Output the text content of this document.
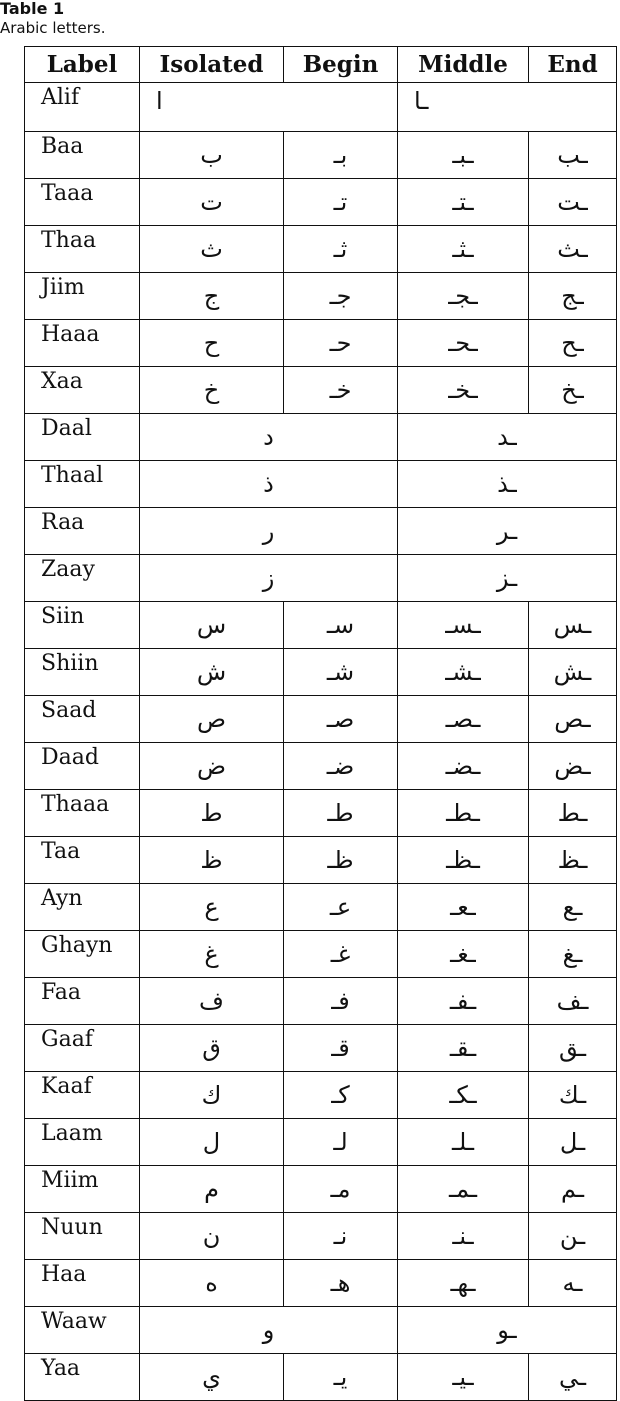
Table 1
Arabic letters.
Label	Isolated	Begin	Middle	End
Alif	ا		ـا	
Baa	ب	بـ	ـبـ	ـب
Taaa	ت	تـ	ـتـ	ـت
Thaa	ث	ثـ	ـثـ	ـث
Jiim	ج	جـ	ـجـ	ـج
Haaa	ح	حـ	ـحـ	ـح
Xaa	خ	خـ	ـخـ	ـخ
Daal	د		ـد	
Thaal	ذ		ـذ	
Raa	ر		ـر	
Zaay	ز		ـز	
Siin	س	سـ	ـسـ	ـس
Shiin	ش	شـ	ـشـ	ـش
Saad	ص	صـ	ـصـ	ـص
Daad	ض	ضـ	ـضـ	ـض
Thaaa	ط	طـ	ـطـ	ـط
Taa	ظ	ظـ	ـظـ	ـظ
Ayn	ع	عـ	ـعـ	ـع
Ghayn	غ	غـ	ـغـ	ـغ
Faa	ف	فـ	ـفـ	ـف
Gaaf	ق	قـ	ـقـ	ـق
Kaaf	ك	كـ	ـكـ	ـك
Laam	ل	لـ	ـلـ	ـل
Miim	م	مـ	ـمـ	ـم
Nuun	ن	نـ	ـنـ	ـن
Haa	ه	هـ	ـهـ	ـه
Waaw	و		ـو	
Yaa	ي	يـ	ـيـ	ـي
